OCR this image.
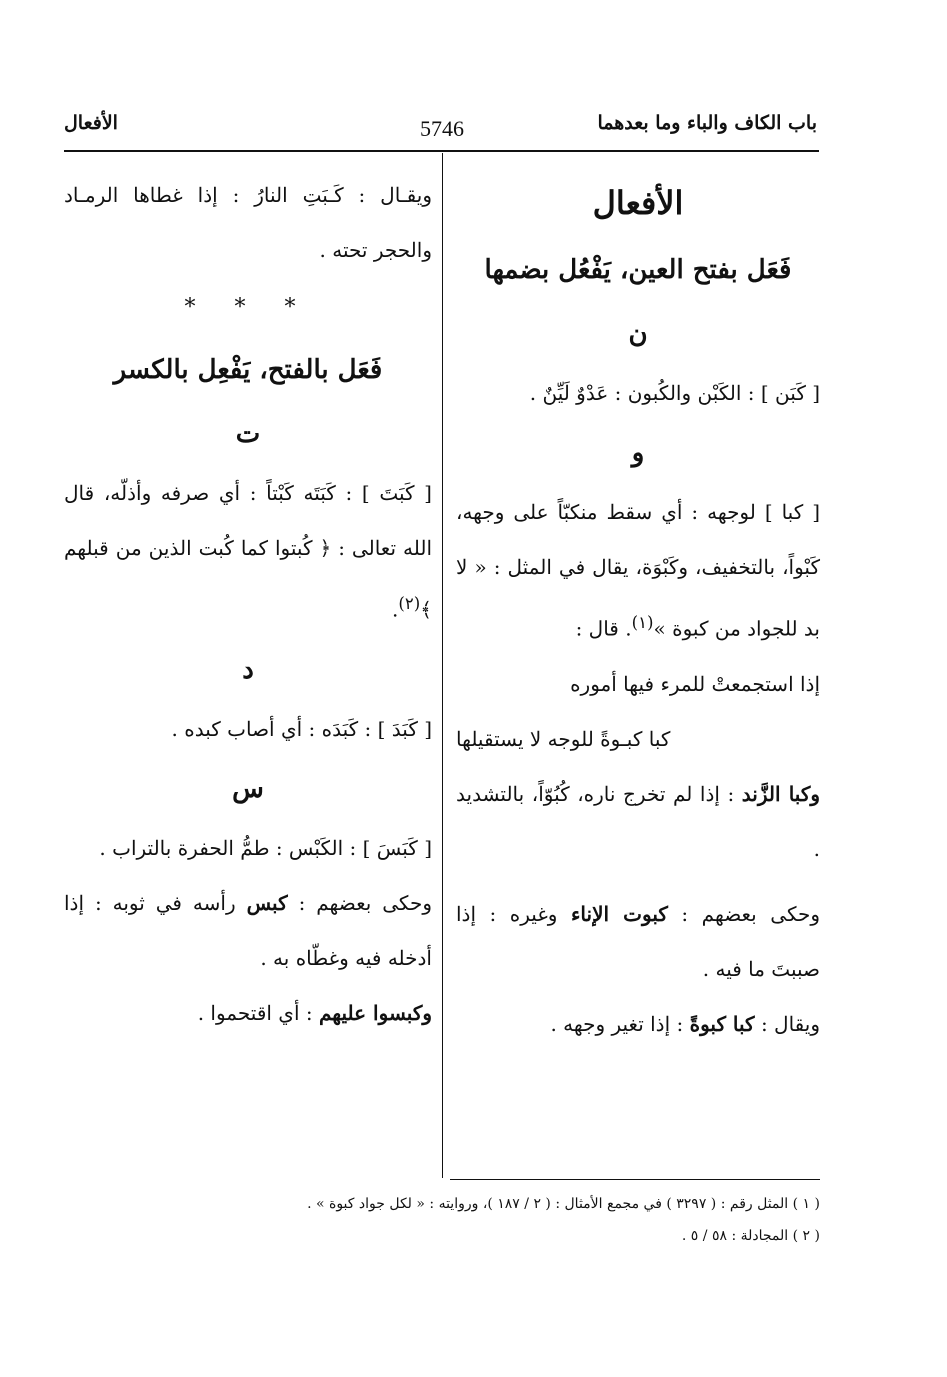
باب الكاف والباء وما بعدهما
5746
الأفعال
الأفعال
فَعَل بفتح العين، يَفْعُل بضمها
ن

[ كَبَن ] : الكَبْن والكُبون : عَدْوٌ لَيِّنٌ .

و

[ كبا ] لوجهه : أي سقط منكبّاً على وجهه، كَبْواً، بالتخفيف، وكَبْوَة، يقال في المثل : « لا بد للجواد من كبوة »$^{(١)}$. قال :

إذا استجمعتْ للمرء فيها أموره

كبا كبـوةً للوجه لا يستقيلها

وكبا الزَّند : إذا لم تخرج ناره، كُبُوّاً، بالتشديد .

وحكى بعضهم : كبوت الإناء وغيره : إذا صببتَ ما فيه .

ويقال : كبا كبوةً : إذا تغير وجهه .

ويقـال : كَـبَتِ النارُ : إذا غطاها الرمـاد والحجر تحته .

* * *
فَعَل بالفتح، يَفْعِل بالكسر
ت

[ كَبَتَ ] : كَبَتَه كَبْتاً : أي صرفه وأذلّه، قال الله تعالى : ﴿ كُبتوا كما كُبت الذين من قبلهم ﴾$^{(٢)}$.

د

[ كَبَدَ ] : كَبَدَه : أي أصاب كبده .

س

[ كَبَسَ ] : الكَبْس : طمُّ الحفرة بالتراب .

وحكى بعضهم : كبس رأسه في ثوبه : إذا أدخله فيه وغطّاه به .

وكبسوا عليهم : أي اقتحموا .

( ١ ) المثل رقم : ( ٣٢٩٧ ) في مجمع الأمثال : ( ٢ / ١٨٧ )، وروايته : « لكل جواد كبوة » .
( ٢ ) المجادلة : ٥٨ / ٥ .
